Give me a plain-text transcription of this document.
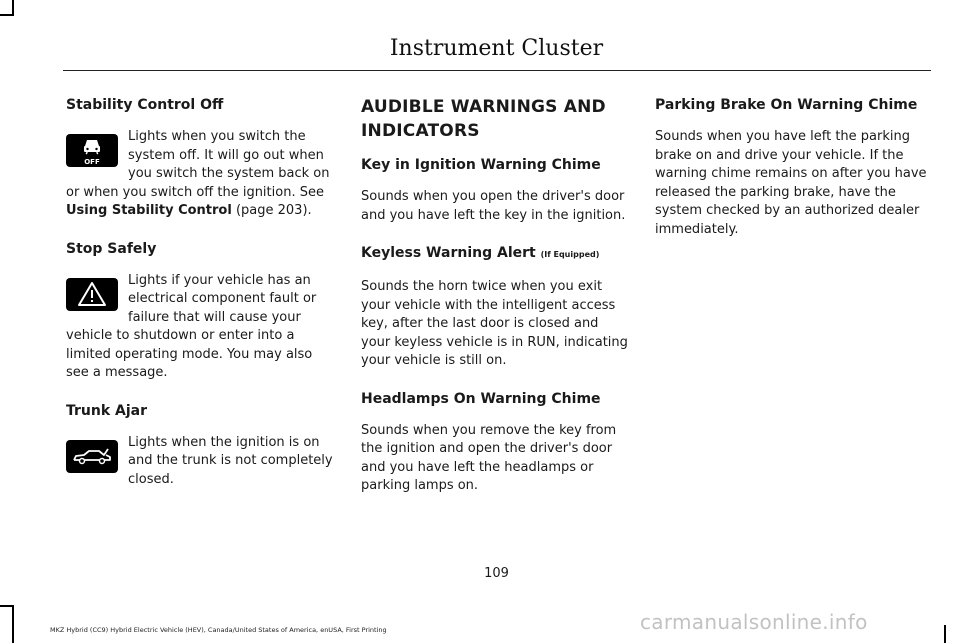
Instrument Cluster
Stability Control Off
OFF

Lights when you switch the system off. It will go out when you switch the system back on or when you switch off the ignition. See Using Stability Control (page 203).

Stop Safely

Lights if your vehicle has an electrical component fault or failure that will cause your vehicle to shutdown or enter into a limited operating mode. You may also see a message.

Trunk Ajar

Lights when the ignition is on and the trunk is not completely closed.

AUDIBLE WARNINGS AND
INDICATORS
Key in Ignition Warning Chime

Sounds when you open the driver's door and you have left the key in the ignition.

Keyless Warning Alert (If Equipped)

Sounds the horn twice when you exit your vehicle with the intelligent access key, after the last door is closed and your keyless vehicle is in RUN, indicating your vehicle is still on.

Headlamps On Warning Chime

Sounds when you remove the key from the ignition and open the driver's door and you have left the headlamps or parking lamps on.

Parking Brake On Warning Chime

Sounds when you have left the parking brake on and drive your vehicle. If the warning chime remains on after you have released the parking brake, have the system checked by an authorized dealer immediately.

109
MKZ Hybrid (CC9) Hybrid Electric Vehicle (HEV), Canada/United States of America, enUSA, First Printing	carmanualsonline.info
